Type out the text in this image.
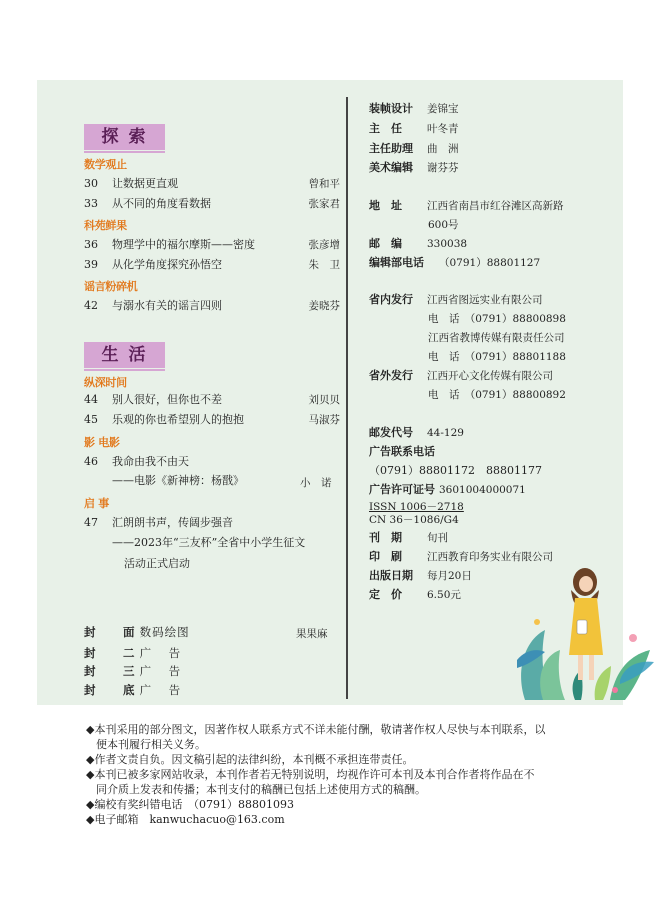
探索
数学观止
30	让数据更直观	曾和平
33	从不同的角度看数据	张家君
科苑鲜果
36	物理学中的福尔摩斯——密度	张彦增
39	从化学角度探究孙悟空	朱　卫
谣言粉碎机
42	与溺水有关的谣言四则	姜晓芬
生活
纵深时间
44	别人很好，但你也不差	刘贝贝
45	乐观的你也希望别人的抱抱	马淑芬
影 电影
46	我命由我不由天
——电影《新神榜：杨戬》	小　诺
启 事
47	汇朗朗书声，传阔步强音
——2023年“三友杯”全省中小学生征文
活动正式启动
封　面 数码绘图	果果麻
封　二 广　告
封　三 广　告
封　底 广　告
装帧设计 姜锦宝
主　任 叶冬青
主任助理 曲　洲
美术编辑 谢芬芬
地　址 江西省南昌市红谷滩区高新路
600号
邮　编 330038
编辑部电话 （0791）88801127
省内发行 江西省图远实业有限公司
电　话　 （0791）88800898
江西省教博传媒有限责任公司
电　话　 （0791）88801188
省外发行 江西开心文化传媒有限公司
电　话　 （0791）88800892
邮发代号 44-129
广告联系电话
（0791）88801172　88801177
广告许可证号 3601004000071
ISSN 1006－2718
CN 36－1086/G4
刊　期 旬刊
印　刷 江西教育印务实业有限公司
出版日期 每月20日
定　价 6.50元
◆本刊采用的部分图文，因著作权人联系方式不详未能付酬，敬请著作权人尽快与本刊联系，以
便本刊履行相关义务。
◆作者文责自负。因文稿引起的法律纠纷，本刊概不承担连带责任。
◆本刊已被多家网站收录，本刊作者若无特别说明，均视作许可本刊及本刊合作者将作品在不
同介质上发表和传播；本刊支付的稿酬已包括上述使用方式的稿酬。
◆编校有奖纠错电话　（0791）88801093
◆电子邮箱　kanwuchacuo@163.com
